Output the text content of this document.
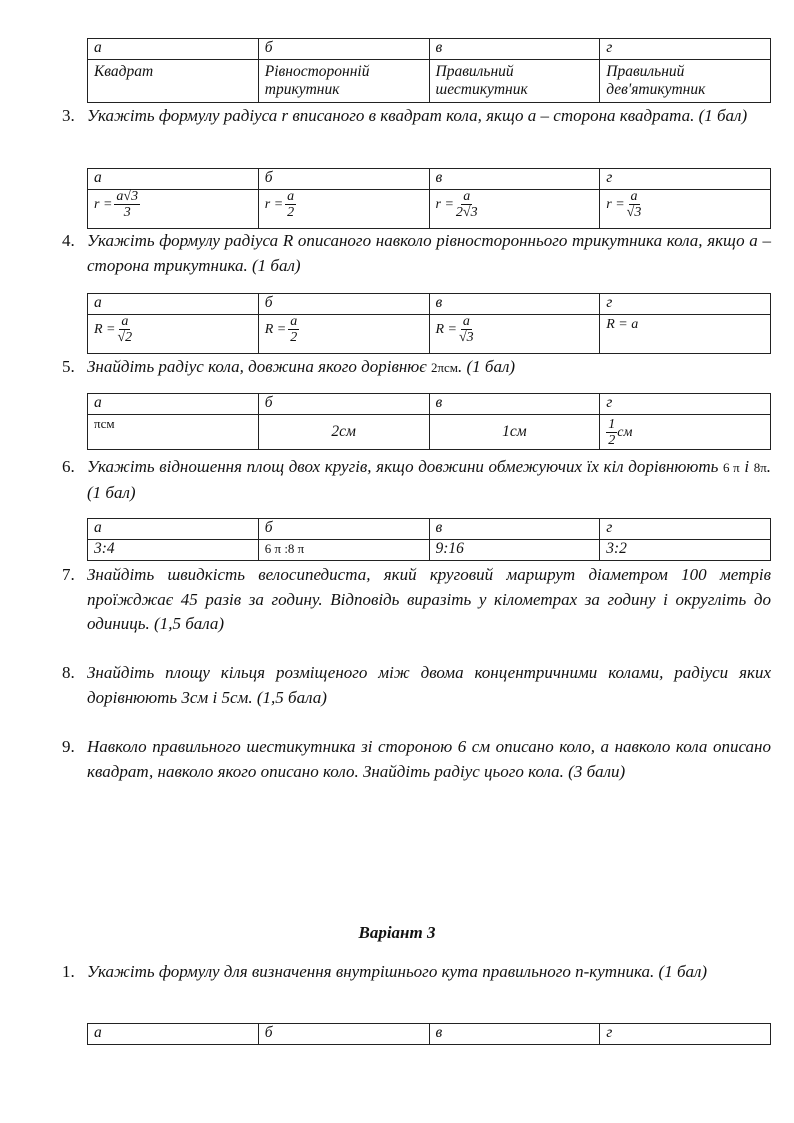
а	б	в	г
Квадрат	Рівносторонній трикутник	Правильний шестикутник	Правильний дев'ятикутник
3. Укажіть формулу радіуса r вписаного в квадрат кола, якщо а – сторона квадрата. (1 бал)
а	б	в	г

$r = \frac{a√3}{3}$	$r = \frac{a}{2}$	$r = \frac{a}{2√3}$	$r = \frac{a}{√3}$
4. Укажіть формулу радіуса R описаного навколо рівностороннього трикутника кола, якщо а – сторона трикутника. (1 бал)
а	б	в	г

$R = \frac{a}{√2}$	$R = \frac{a}{2}$	$R = \frac{a}{√3}$	R = a
5. Знайдіть радіус кола, довжина якого дорівнює 2πсм. (1 бал)
а	б	в	г
πсм	2см	1см	$\frac{1}{2}$ см
6. Укажіть відношення площ двох кругів, якщо довжини обмежуючих їх кіл дорівнюють 6 π і 8π. (1 бал)
а	б	в	г
3:4	6 π :8 π	9:16	3:2
7. Знайдіть швидкість велосипедиста, який круговий маршрут діаметром 100 метрів проїжджає 45 разів за годину. Відповідь виразіть у кілометрах за годину і округліть до одиниць. (1,5 бала)
8. Знайдіть площу кільця розміщеного між двома концентричними колами, радіуси яких дорівнюють 3см і 5см. (1,5 бала)
9. Навколо правильного шестикутника зі стороною 6 см описано коло, а навколо кола описано квадрат, навколо якого описано коло. Знайдіть радіус цього кола. (3 бали)
Варіант 3
1. Укажіть формулу для визначення внутрішнього кута правильного п-кутника. (1 бал)
а	б	в	г
